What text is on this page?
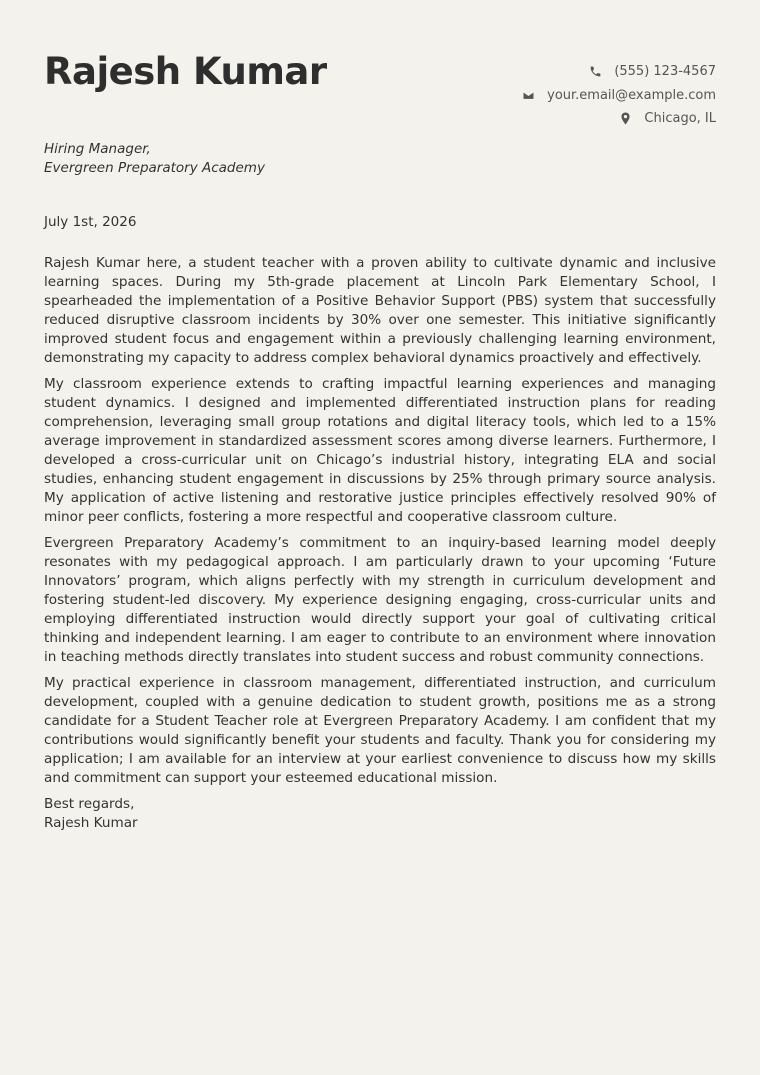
Rajesh Kumar	(555) 123-4567
your.email@example.com
Chicago, IL
Hiring Manager,
Evergreen Preparatory Academy
July 1st, 2026

Rajesh Kumar here, a student teacher with a proven ability to cultivate dynamic and inclusive learning spaces. During my 5th-grade placement at Lincoln Park Elementary School, I spearheaded the implementation of a Positive Behavior Support (PBS) system that successfully reduced disruptive classroom incidents by 30% over one semester. This initiative significantly improved student focus and engagement within a previously challenging learning environment, demonstrating my capacity to address complex behavioral dynamics proactively and effectively.

My classroom experience extends to crafting impactful learning experiences and managing student dynamics. I designed and implemented differentiated instruction plans for reading comprehension, leveraging small group rotations and digital literacy tools, which led to a 15% average improvement in standardized assessment scores among diverse learners. Furthermore, I developed a cross-curricular unit on Chicago’s industrial history, integrating ELA and social studies, enhancing student engagement in discussions by 25% through primary source analysis. My application of active listening and restorative justice principles effectively resolved 90% of minor peer conflicts, fostering a more respectful and cooperative classroom culture.

Evergreen Preparatory Academy’s commitment to an inquiry-based learning model deeply resonates with my pedagogical approach. I am particularly drawn to your upcoming ‘Future Innovators’ program, which aligns perfectly with my strength in curriculum development and fostering student-led discovery. My experience designing engaging, cross-curricular units and employing differentiated instruction would directly support your goal of cultivating critical thinking and independent learning. I am eager to contribute to an environment where innovation in teaching methods directly translates into student success and robust community connections.

My practical experience in classroom management, differentiated instruction, and curriculum development, coupled with a genuine dedication to student growth, positions me as a strong candidate for a Student Teacher role at Evergreen Preparatory Academy. I am confident that my contributions would significantly benefit your students and faculty. Thank you for considering my application; I am available for an interview at your earliest convenience to discuss how my skills and commitment can support your esteemed educational mission.

Best regards,
Rajesh Kumar
